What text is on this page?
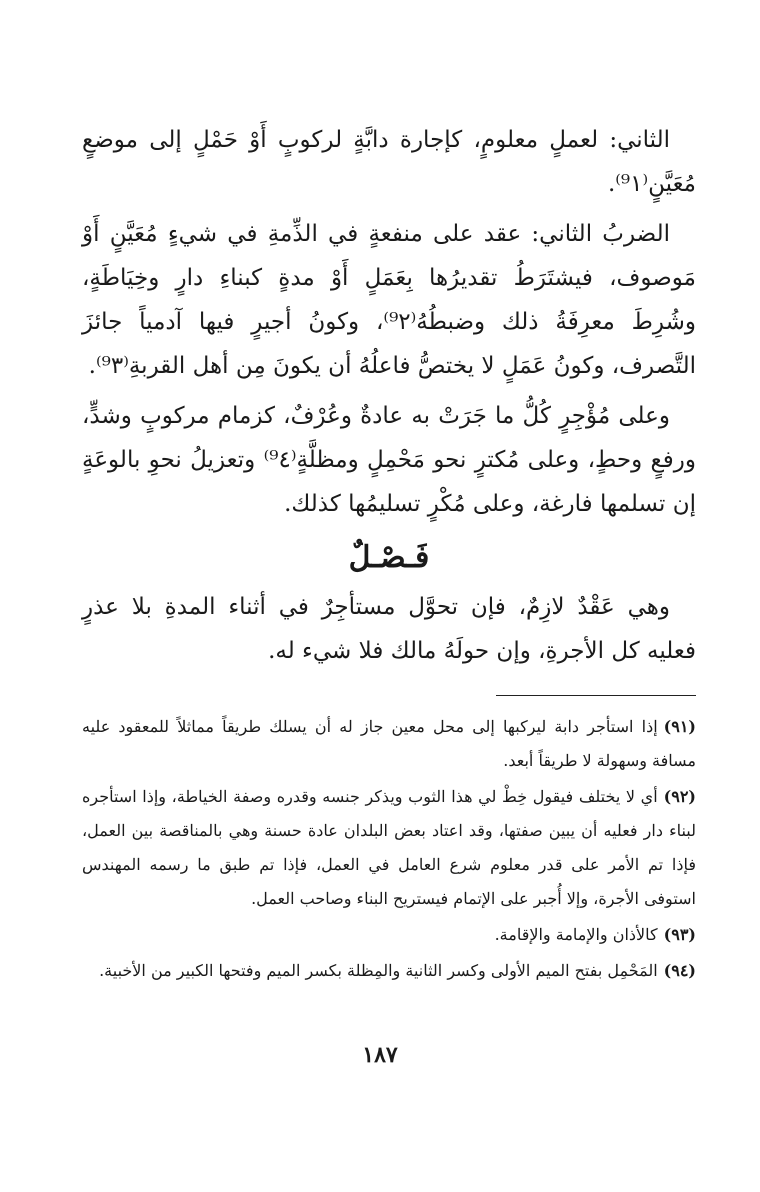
الثاني: لعملٍ معلومٍ، كإجارة دابَّةٍ لركوبٍ أَوْ حَمْلٍ إلى موضعٍ مُعَيَّنٍ⁽⁹١⁾.

الضربُ الثاني: عقد على منفعةٍ في الذِّمةِ في شيءٍ مُعَيَّنٍ أَوْ مَوصوف، فيشتَرَطُ تقديرُها بِعَمَلٍ أَوْ مدةٍ كبناءِ دارٍ وخِيَاطَةٍ، وشُرِطَ معرِفَةُ ذلك وضبطُهُ⁽⁹٢⁾، وكونُ أجيرٍ فيها آدمياً جائزَ التَّصرف، وكونُ عَمَلٍ لا يختصُّ فاعلُهُ أن يكونَ مِن أهل القربةِ⁽⁹٣⁾.

وعلى مُؤْجِرٍ كُلُّ ما جَرَتْ به عادةٌ وعُرْفٌ، كزمام مركوبٍ وشدٍّ، ورفعٍ وحطٍ، وعلى مُكترٍ نحو مَحْمِلٍ ومظلَّةٍ⁽⁹٤⁾ وتعزيلُ نحوِ بالوعَةٍ إن تسلمها فارغة، وعلى مُكْرٍ تسليمُها كذلك.

فَـصْـلٌ

وهي عَقْدٌ لازِمٌ، فإن تحوَّل مستأجِرٌ في أثناء المدةِ بلا عذرٍ فعليه كل الأجرةِ، وإن حولَهُ مالك فلا شيء له.

(٩١)إذا استأجر دابة ليركبها إلى محل معين جاز له أن يسلك طريقاً مماثلاً للمعقود عليه مسافة وسهولة لا طريقاً أبعد.

(٩٢)أي لا يختلف فيقول خِطْ لي هذا الثوب ويذكر جنسه وقدره وصفة الخياطة، وإذا استأجره لبناء دار فعليه أن يبين صفتها، وقد اعتاد بعض البلدان عادة حسنة وهي بالمناقصة بين العمل، فإذا تم الأمر على قدر معلوم شرع العامل في العمل، فإذا تم طبق ما رسمه المهندس استوفى الأجرة، وإلا أُجبر على الإتمام فيستريح البناء وصاحب العمل.

(٩٣)كالأذان والإمامة والإقامة.

(٩٤)المَحْمِل بفتح الميم الأولى وكسر الثانية والمِظلة بكسر الميم وفتحها الكبير من الأخبية.

١٨٧
